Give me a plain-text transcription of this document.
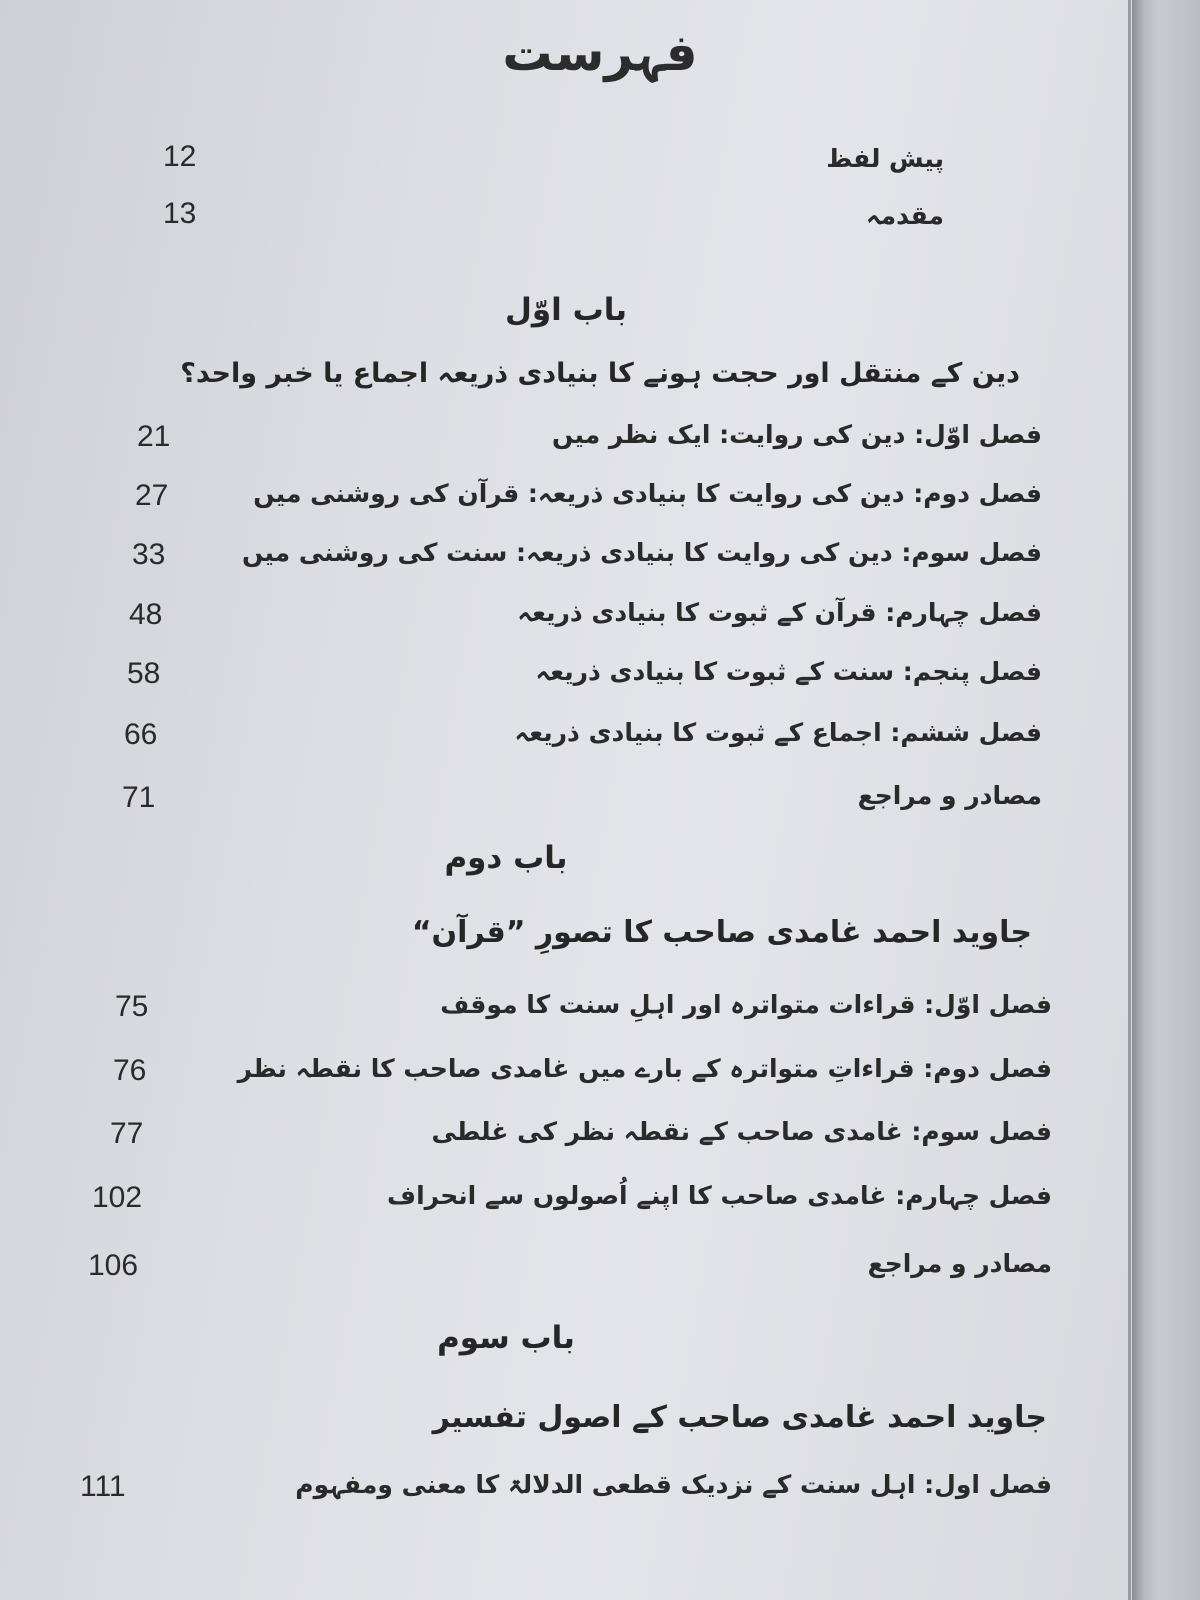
فہرست
پیش لفظ
12
مقدمہ
13
باب اوّل
دین کے منتقل اور حجت ہونے کا بنیادی ذریعہ اجماع یا خبر واحد؟
فصل اوّل: دین کی روایت: ایک نظر میں
21
فصل دوم: دین کی روایت کا بنیادی ذریعہ: قرآن کی روشنی میں
27
فصل سوم: دین کی روایت کا بنیادی ذریعہ: سنت کی روشنی میں
33
فصل چہارم: قرآن کے ثبوت کا بنیادی ذریعہ
48
فصل پنجم: سنت کے ثبوت کا بنیادی ذریعہ
58
فصل ششم: اجماع کے ثبوت کا بنیادی ذریعہ
66
مصادر و مراجع
71
باب دوم
جاوید احمد غامدی صاحب کا تصورِ ”قرآن“
فصل اوّل: قراءات متواترہ اور اہلِ سنت کا موقف
75
فصل دوم: قراءاتِ متواترہ کے بارے میں غامدی صاحب کا نقطہ نظر
76
فصل سوم: غامدی صاحب کے نقطہ نظر کی غلطی
77
فصل چہارم: غامدی صاحب کا اپنے اُصولوں سے انحراف
102
مصادر و مراجع
106
باب سوم
جاوید احمد غامدی صاحب کے اصول تفسیر
فصل اول: اہل سنت کے نزدیک قطعی الدلالۃ کا معنی ومفہوم
111
